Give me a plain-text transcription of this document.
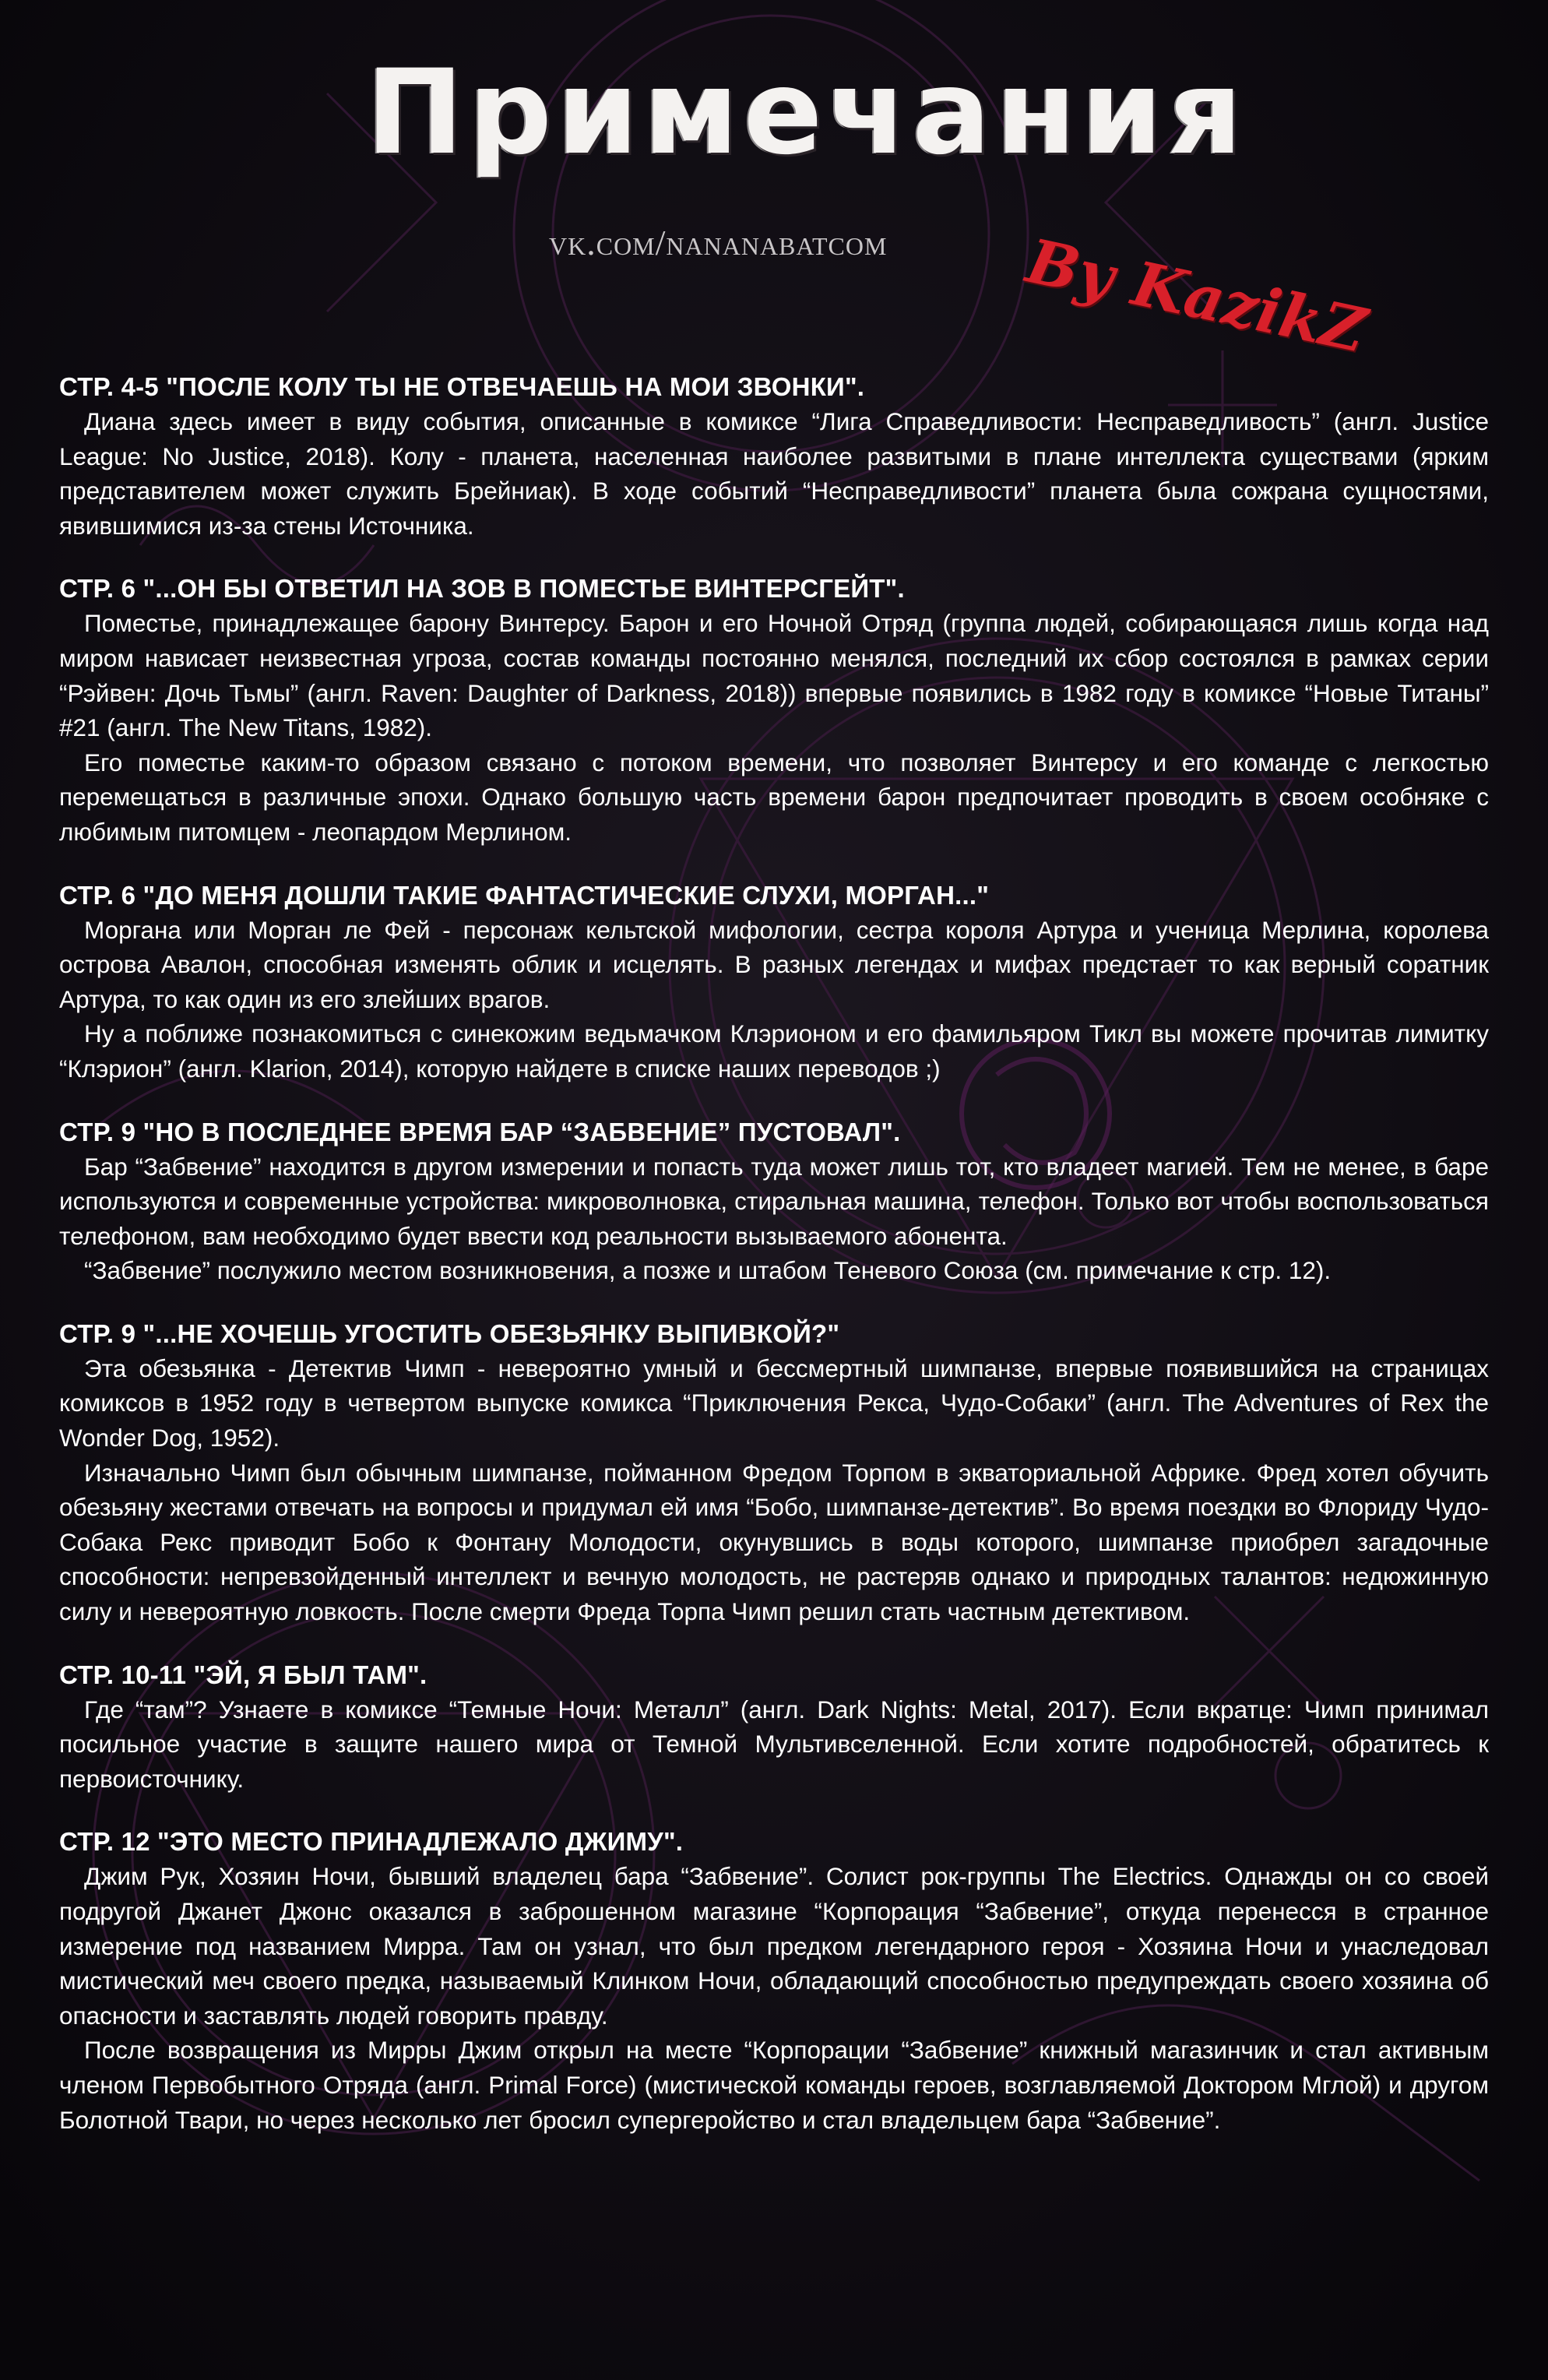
Примечания
vk.com/nananabatcom By KazikZ
СТР. 4-5 "ПОСЛЕ КОЛУ ТЫ НЕ ОТВЕЧАЕШЬ НА МОИ ЗВОНКИ".

Диана здесь имеет в виду события, описанные в комиксе “Лига Справедливости: Несправедливость” (англ. Justice League: No Justice, 2018). Колу - планета, населенная наиболее развитыми в плане интеллекта существами (ярким представителем может служить Брейниак). В ходе событий “Несправедливости” планета была сожрана сущностями, явившимися из-за стены Источника.

СТР. 6 "...ОН БЫ ОТВЕТИЛ НА ЗОВ В ПОМЕСТЬЕ ВИНТЕРСГЕЙТ".

Поместье, принадлежащее барону Винтерсу. Барон и его Ночной Отряд (группа людей, собирающаяся лишь когда над миром нависает неизвестная угроза, состав команды постоянно менялся, последний их сбор состоялся в рамках серии “Рэйвен: Дочь Тьмы” (англ. Raven: Daughter of Darkness, 2018)) впервые появились в 1982 году в комиксе “Новые Титаны” #21 (англ. The New Titans, 1982).

Его поместье каким-то образом связано с потоком времени, что позволяет Винтерсу и его команде с легкостью перемещаться в различные эпохи. Однако большую часть времени барон предпочитает проводить в своем особняке с любимым питомцем - леопардом Мерлином.

СТР. 6 "ДО МЕНЯ ДОШЛИ ТАКИЕ ФАНТАСТИЧЕСКИЕ СЛУХИ, МОРГАН..."

Моргана или Морган ле Фей - персонаж кельтской мифологии, сестра короля Артура и ученица Мерлина, королева острова Авалон, способная изменять облик и исцелять. В разных легендах и мифах предстает то как верный соратник Артура, то как один из его злейших врагов.

Ну а поближе познакомиться с синекожим ведьмачком Клэрионом и его фамильяром Тикл вы можете прочитав лимитку “Клэрион” (англ. Klarion, 2014), которую найдете в списке наших переводов ;)

СТР. 9 "НО В ПОСЛЕДНЕЕ ВРЕМЯ БАР “ЗАБВЕНИЕ” ПУСТОВАЛ".

Бар “Забвение” находится в другом измерении и попасть туда может лишь тот, кто владеет магией. Тем не менее, в баре используются и современные устройства: микроволновка, стиральная машина, телефон. Только вот чтобы воспользоваться телефоном, вам необходимо будет ввести код реальности вызываемого абонента.

“Забвение” послужило местом возникновения, а позже и штабом Теневого Союза (см. примечание к стр. 12).

СТР. 9 "...НЕ ХОЧЕШЬ УГОСТИТЬ ОБЕЗЬЯНКУ ВЫПИВКОЙ?"

Эта обезьянка - Детектив Чимп - невероятно умный и бессмертный шимпанзе, впервые появившийся на страницах комиксов в 1952 году в четвертом выпуске комикса “Приключения Рекса, Чудо-Собаки” (англ. The Adventures of Rex the Wonder Dog, 1952).

Изначально Чимп был обычным шимпанзе, пойманном Фредом Торпом в экваториальной Африке. Фред хотел обучить обезьяну жестами отвечать на вопросы и придумал ей имя “Бобо, шимпанзе-детектив”. Во время поездки во Флориду Чудо-Собака Рекс приводит Бобо к Фонтану Молодости, окунувшись в воды которого, шимпанзе приобрел загадочные способности: непревзойденный интеллект и вечную молодость, не растеряв однако и природных талантов: недюжинную силу и невероятную ловкость. После смерти Фреда Торпа Чимп решил стать частным детективом.

СТР. 10-11 "ЭЙ, Я БЫЛ ТАМ".

Где “там”? Узнаете в комиксе “Темные Ночи: Металл” (англ. Dark Nights: Metal, 2017). Если вкратце: Чимп принимал посильное участие в защите нашего мира от Темной Мультивселенной. Если хотите подробностей, обратитесь к первоисточнику.

СТР. 12 "ЭТО МЕСТО ПРИНАДЛЕЖАЛО ДЖИМУ".

Джим Рук, Хозяин Ночи, бывший владелец бара “Забвение”. Солист рок-группы The Electrics. Однажды он со своей подругой Джанет Джонс оказался в заброшенном магазине “Корпорация “Забвение”, откуда перенесся в странное измерение под названием Мирра. Там он узнал, что был предком легендарного героя - Хозяина Ночи и унаследовал мистический меч своего предка, называемый Клинком Ночи, обладающий способностью предупреждать своего хозяина об опасности и заставлять людей говорить правду.

После возвращения из Мирры Джим открыл на месте “Корпорации “Забвение” книжный магазинчик и стал активным членом Первобытного Отряда (англ. Primal Force) (мистической команды героев, возглавляемой Доктором Мглой) и другом Болотной Твари, но через несколько лет бросил супергеройство и стал владельцем бара “Забвение”.
